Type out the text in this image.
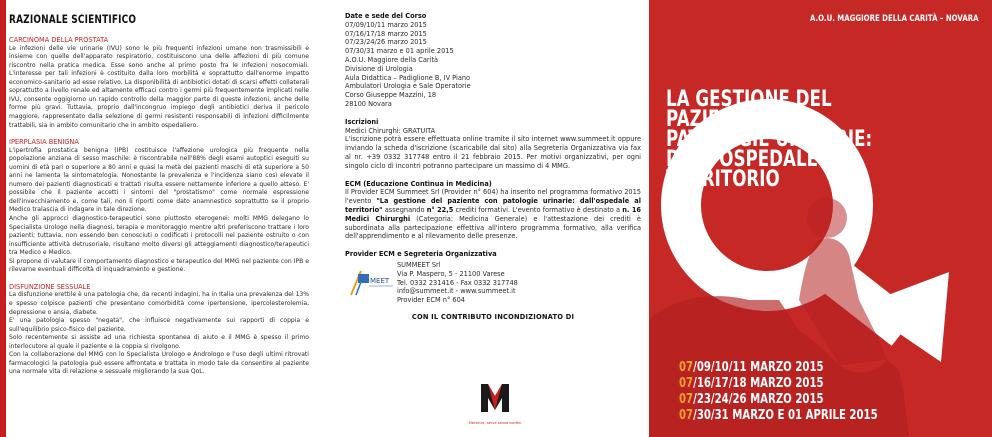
RAZIONALE SCIENTIFICO
CARCINOMA DELLA PROSTATA

Le infezioni delle vie urinarie (IVU) sono le più frequenti infezioni umane non trasmissibili e insieme con quelle dell'apparato respiratorio, costituiscono una delle affezioni di più comune riscontro nella pratica medica. Esse sono anche al primo posto fra le infezioni nosocomiali. L'interesse per tali infezioni è costituito dalla loro morbilità e soprattutto dall'enorme impatto economico-sanitario ad esse relativo. La disponibilità di antibiotici dotati di scarsi effetti collaterali soprattutto a livello renale ed altamente efficaci contro i germi più frequentemente implicati nelle IVU, consente oggigiorno un rapido controllo della maggior parte di queste infezioni, anche delle forme più gravi. Tuttavia, proprio dall'incongruo impiego degli antibiotici deriva il pericolo maggiore, rappresentato dalla selezione di germi resistenti responsabili di infezioni difficilmente trattabili, sia in ambito comunitario che in ambito ospedaliero.

IPERPLASIA BENIGNA

L'ipertrofia prostatica benigna (IPB) costituisce l'affezione urologica più frequente nella popolazione anziana di sesso maschile: è riscontrabile nell'88% degli esami autoptici eseguiti su uomini di età pari o superiore a 80 anni e quasi la metà dei pazienti maschi di età superiore a 50 anni ne lamenta la sintomatologia. Nonostante la prevalenza e l'incidenza siano così elevate il numero dei pazienti diagnosticati e trattati risulta essere nettamente inferiore a quello atteso. E' possibile che il paziente accetti i sintomi del "prostatismo" come normale espressione dell'invecchiamento e, come tali, non li riporti come dato anamnestico soprattutto se il proprio Medico tralascia di indagare in tale direzione.
Anche gli approcci diagnostico-terapeutici sono piuttosto eterogenei: molti MMG delegano lo Specialista Urologo nella diagnosi, terapia e monitoraggio mentre altri preferiscono trattare i loro pazienti; tuttavia, non essendo ben conosciuti o codificati i protocolli nel paziente ostruito o con insufficiente attività detrusoriale, risultano molto diversi gli atteggiamenti diagnostico/terapeutici tra Medico e Medico.
Si propone di valutare il comportamento diagnostico e terapeutico del MMG nel paziente con IPB e rilevarne eventuali difficoltà di inquadramento e gestione.

DISFUNZIONE SESSUALE

La disfunzione erettile è una patologia che, da recenti indagini, ha in Italia una prevalenza del 13% e spesso colpisce pazienti che presentano comorbidità come ipertensione, ipercolesterolemia, depressione o ansia, diabete.
E' una patologia spesso "negata", che influisce negativamente sui rapporti di coppia e sull'equilibrio psico-fisico del paziente.
Solo recentemente si assiste ad una richiesta spontanea di aiuto e il MMG è spesso il primo interlocutore al quale il paziente e la coppia si rivolgono.
Con la collaborazione del MMG con lo Specialista Urologo e Andrologo e l'uso degli ultimi ritrovati farmacologici la patologia può essere affrontata e trattata in modo tale da consentire al paziente una normale vita di relazione e sessuale migliorando la sua QoL.

Date e sede del Corso
07/09/10/11 marzo 2015
07/16/17/18 marzo 2015
07/23/24/26 marzo 2015
07/30/31 marzo e 01 aprile 2015
A.O.U. Maggiore della Carità
Divisione di Urologia
Aula Didattica – Padiglione B, IV Piano
Ambulatori Urologia e Sale Operatorie
Corso Giuseppe Mazzini, 18
28100 Novara
Iscrizioni
Medici Chirurghi: GRATUITA

L'iscrizione potrà essere effettuata online tramite il sito internet www.summeet.it oppure inviando la scheda d'iscrizione (scaricabile dal sito) alla Segreteria Organizzativa via fax al nr. +39 0332 317748 entro il 21 febbraio 2015. Per motivi organizzativi, per ogni singolo ciclo di incontri potranno partecipare un massimo di 4 MMG.

ECM (Educazione Continua in Medicina)

Il Provider ECM Summeet Srl (Provider n° 604) ha inserito nel programma formativo 2015 l'evento "La gestione del paziente con patologie urinarie: dall'ospedale al territorio" assegnando n° 22,5 crediti formativi. L'evento formativo è destinato a n. 16 Medici Chirurghi (Categoria: Medicina Generale) e l'attestazione dei crediti è subordinata alla partecipazione effettiva all'intero programma formativo, alla verifica dell'apprendimento e al rilevamento delle presenze.

Provider ECM e Segreteria Organizzativa
MEET
SUMMEET Srl
Via P. Maspero, 5 - 21100 Varese
Tel. 0332 231416 - Fax 0332 317748
info@summeet.it - www.summeet.it
Provider ECM n° 604
CON IL CONTRIBUTO INCONDIZIONATO DI
Mecenici, serve senza confini
A.O.U. MAGGIORE DELLA CARITÀ – NOVARA
LA GESTIONE DEL
PAZIENTE CON
PATOLOGIE URINARIE:
DALL'OSPEDALE AL
TERRITORIO
07/09/10/11 MARZO 2015
07/16/17/18 MARZO 2015
07/23/24/26 MARZO 2015
07/30/31 MARZO E 01 APRILE 2015
